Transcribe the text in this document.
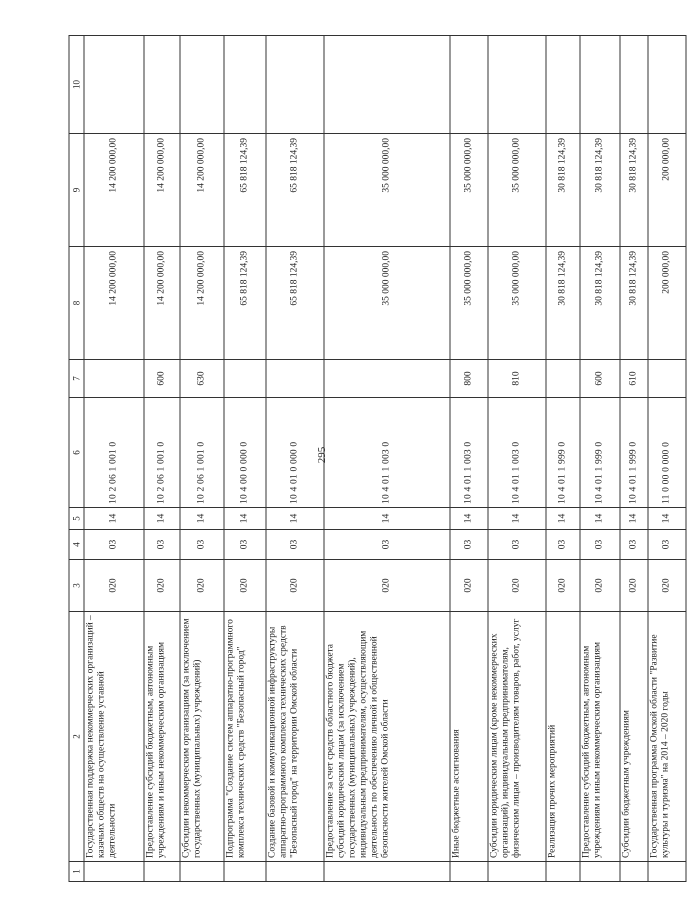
295
1	2	3	4	5	6	7	8	9	10
	Государственная поддержка некоммерческих организаций – казачьих обществ на осуществление уставной деятельности	020	03	14	10 2 06 1 001 0		14 200 000,00	14 200 000,00	
	Предоставление субсидий бюджетным, автономным учреждениям и иным некоммерческим организациям	020	03	14	10 2 06 1 001 0	600	14 200 000,00	14 200 000,00	
	Субсидии некоммерческим организациям (за исключением государственных (муниципальных) учреждений)	020	03	14	10 2 06 1 001 0	630	14 200 000,00	14 200 000,00	
	Подпрограмма "Создание систем аппаратно-программного комплекса технических средств "Безопасный город"	020	03	14	10 4 00 0 000 0		65 818 124,39	65 818 124,39	
	Создание базовой и коммуникационной инфраструктуры аппаратно-программного комплекса технических средств "Безопасный город" на территории Омской области	020	03	14	10 4 01 0 000 0		65 818 124,39	65 818 124,39	
	Предоставление за счет средств областного бюджета субсидий юридическим лицам (за исключением государственных (муниципальных) учреждений), индивидуальным предпринимателям, осуществляющим деятельность по обеспечению личной и общественной безопасности жителей Омской области	020	03	14	10 4 01 1 003 0		35 000 000,00	35 000 000,00	
	Иные бюджетные ассигнования	020	03	14	10 4 01 1 003 0	800	35 000 000,00	35 000 000,00	
	Субсидии юридическим лицам (кроме некоммерческих организаций), индивидуальным предпринимателям, физическим лицам – производителям товаров, работ, услуг	020	03	14	10 4 01 1 003 0	810	35 000 000,00	35 000 000,00	
	Реализация прочих мероприятий	020	03	14	10 4 01 1 999 0		30 818 124,39	30 818 124,39	
	Предоставление субсидий бюджетным, автономным учреждениям и иным некоммерческим организациям	020	03	14	10 4 01 1 999 0	600	30 818 124,39	30 818 124,39	
	Субсидии бюджетным учреждениям	020	03	14	10 4 01 1 999 0	610	30 818 124,39	30 818 124,39	
	Государственная программа Омской области "Развитие культуры и туризма" на 2014 – 2020 годы	020	03	14	11 0 00 0 000 0		200 000,00	200 000,00	
